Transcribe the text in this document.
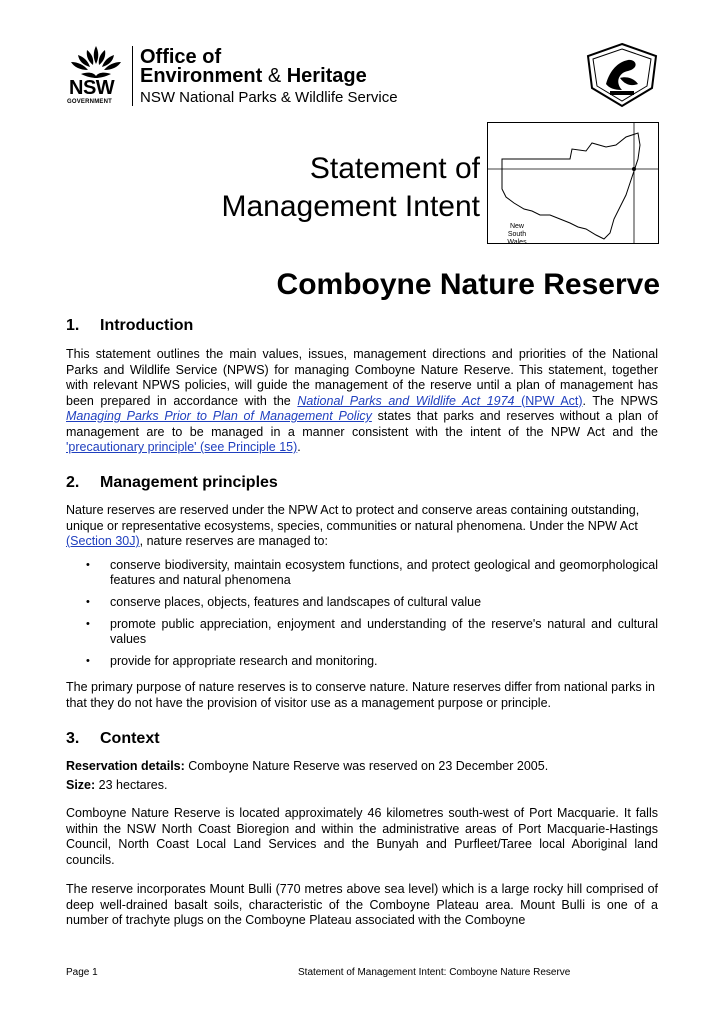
NSW
GOVERNMENT
Office of
Environment & Heritage
NSW National Parks & Wildlife Service
Statement of
Management Intent
New South
Wales
Comboyne Nature Reserve
1. Introduction
This statement outlines the main values, issues, management directions and priorities of the National Parks and Wildlife Service (NPWS) for managing Comboyne Nature Reserve. This statement, together with relevant NPWS policies, will guide the management of the reserve until a plan of management has been prepared in accordance with the National Parks and Wildlife Act 1974 (NPW Act). The NPWS Managing Parks Prior to Plan of Management Policy states that parks and reserves without a plan of management are to be managed in a manner consistent with the intent of the NPW Act and the 'precautionary principle' (see Principle 15).
2. Management principles
Nature reserves are reserved under the NPW Act to protect and conserve areas containing outstanding, unique or representative ecosystems, species, communities or natural phenomena. Under the NPW Act (Section 30J), nature reserves are managed to:
• conserve biodiversity, maintain ecosystem functions, and protect geological and geomorphological features and natural phenomena
• conserve places, objects, features and landscapes of cultural value
• promote public appreciation, enjoyment and understanding of the reserve's natural and cultural values
• provide for appropriate research and monitoring.
The primary purpose of nature reserves is to conserve nature. Nature reserves differ from national parks in that they do not have the provision of visitor use as a management purpose or principle.
3. Context
Reservation details: Comboyne Nature Reserve was reserved on 23 December 2005.
Size: 23 hectares.
Comboyne Nature Reserve is located approximately 46 kilometres south-west of Port Macquarie. It falls within the NSW North Coast Bioregion and within the administrative areas of Port Macquarie-Hastings Council, North Coast Local Land Services and the Bunyah and Purfleet/Taree local Aboriginal land councils.
The reserve incorporates Mount Bulli (770 metres above sea level) which is a large rocky hill comprised of deep well-drained basalt soils, characteristic of the Comboyne Plateau area. Mount Bulli is one of a number of trachyte plugs on the Comboyne Plateau associated with the Comboyne
Page 1	Statement of Management Intent: Comboyne Nature Reserve
